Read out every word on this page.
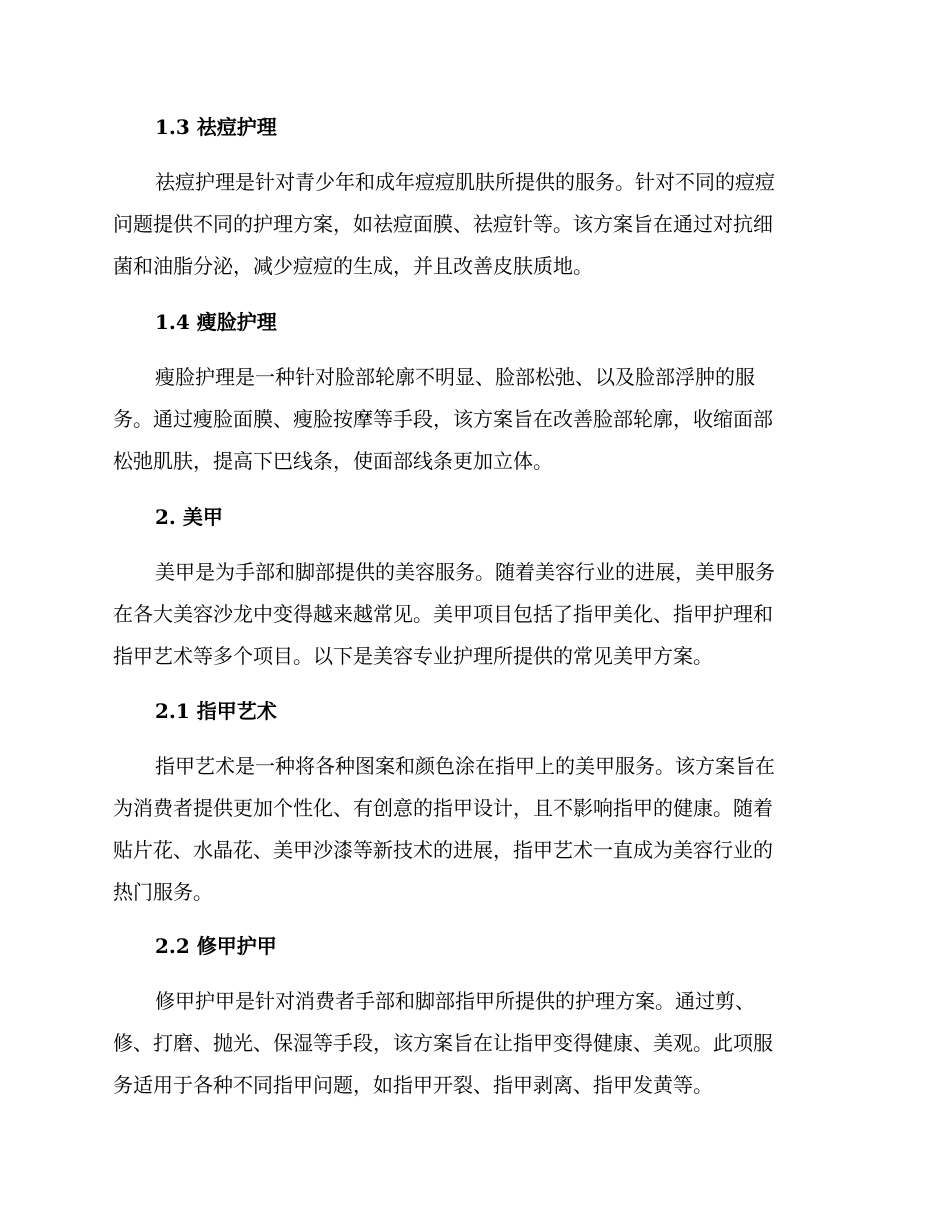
1.3 祛痘护理
祛痘护理是针对青少年和成年痘痘肌肤所提供的服务。针对不同的痘痘
问题提供不同的护理方案，如祛痘面膜、祛痘针等。该方案旨在通过对抗细
菌和油脂分泌，减少痘痘的生成，并且改善皮肤质地。
1.4 瘦脸护理
瘦脸护理是一种针对脸部轮廓不明显、脸部松弛、以及脸部浮肿的服
务。通过瘦脸面膜、瘦脸按摩等手段，该方案旨在改善脸部轮廓，收缩面部
松弛肌肤，提高下巴线条，使面部线条更加立体。
2. 美甲
美甲是为手部和脚部提供的美容服务。随着美容行业的进展，美甲服务
在各大美容沙龙中变得越来越常见。美甲项目包括了指甲美化、指甲护理和
指甲艺术等多个项目。以下是美容专业护理所提供的常见美甲方案。
2.1 指甲艺术
指甲艺术是一种将各种图案和颜色涂在指甲上的美甲服务。该方案旨在
为消费者提供更加个性化、有创意的指甲设计，且不影响指甲的健康。随着
贴片花、水晶花、美甲沙漆等新技术的进展，指甲艺术一直成为美容行业的
热门服务。
2.2 修甲护甲
修甲护甲是针对消费者手部和脚部指甲所提供的护理方案。通过剪、
修、打磨、抛光、保湿等手段，该方案旨在让指甲变得健康、美观。此项服
务适用于各种不同指甲问题，如指甲开裂、指甲剥离、指甲发黄等。
